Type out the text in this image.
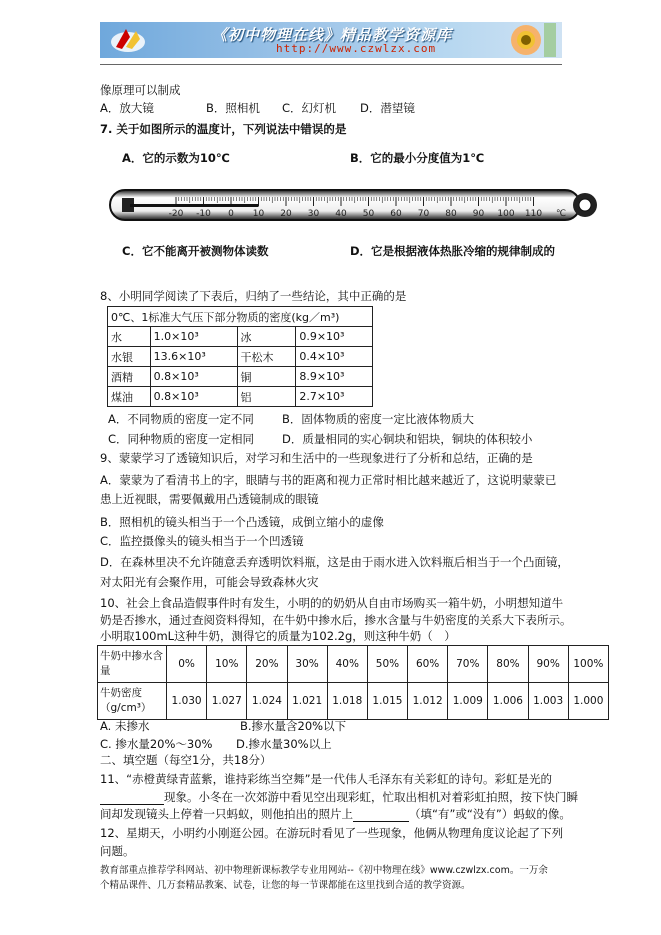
《初中物理在线》精品教学资源库
http://www.czwlzx.com
像原理可以制成
A．放大镜	B．照相机 C．幻灯机 D．潜望镜
7. 关于如图所示的温度计，下列说法中错误的是
A．它的示数为10℃	B．它的最小分度值为1℃
-20 -10 0 10 20 30 40 50 60 70 80 90 100 110 ℃
C．它不能离开被测物体读数	D．它是根据液体热胀冷缩的规律制成的
8、小明同学阅读了下表后，归纳了一些结论，其中正确的是
0℃、1标准大气压下部分物质的密度(kg／m³)			
水	1.0×10³	冰	0.9×10³
水银	13.6×10³	干松木	0.4×10³
酒精	0.8×10³	铜	8.9×10³
煤油	0.8×10³	铝	2.7×10³
A．不同物质的密度一定不同 B．固体物质的密度一定比液体物质大
C．同种物质的密度一定相同 D．质量相同的实心铜块和铝块，铜块的体积较小
9、蒙蒙学习了透镜知识后，对学习和生活中的一些现象进行了分析和总结，正确的是
A．蒙蒙为了看清书上的字，眼睛与书的距离和视力正常时相比越来越近了，这说明蒙蒙已
患上近视眼，需要佩戴用凸透镜制成的眼镜
B．照相机的镜头相当于一个凸透镜，成倒立缩小的虚像
C．监控摄像头的镜头相当于一个凹透镜
D．在森林里决不允许随意丢弃透明饮料瓶，这是由于雨水进入饮料瓶后相当于一个凸面镜，
对太阳光有会聚作用，可能会导致森林火灾
10、社会上食品造假事件时有发生，小明的的奶奶从自由市场购买一箱牛奶，小明想知道牛
奶是否掺水，通过查阅资料得知，在牛奶中掺水后，掺水含量与牛奶密度的关系大下表所示。
小明取100mL这种牛奶，测得它的质量为102.2g，则这种牛奶（　）
牛奶中掺水含量	0%	10%	20%	30%	40%	50%	60%	70%	80%	90%	100%
牛奶密度（g/cm³）	1.030	1.027	1.024	1.021	1.018	1.015	1.012	1.009	1.006	1.003	1.000
A. 未掺水	B.掺水量含20%以下
C. 掺水量20%～30% D.掺水量30%以上
二、填空题（每空1分，共18分）
11、“赤橙黄绿青蓝紫，谁持彩练当空舞”是一代伟人毛泽东有关彩虹的诗句。彩虹是光的
现象。小冬在一次郊游中看见空出现彩虹，忙取出相机对着彩虹拍照，按下快门瞬
间却发现镜头上停着一只蚂蚁，则他拍出的照片上	（填“有”或“没有”）蚂蚁的像。
12、星期天，小明约小刚逛公园。在游玩时看见了一些现象，他俩从物理角度议论起了下列
问题。
教育部重点推荐学科网站、初中物理新课标教学专业用网站--《初中物理在线》www.czwlzx.com。一万余
个精品课件、几万套精品教案、试卷，让您的每一节课都能在这里找到合适的教学资源。
